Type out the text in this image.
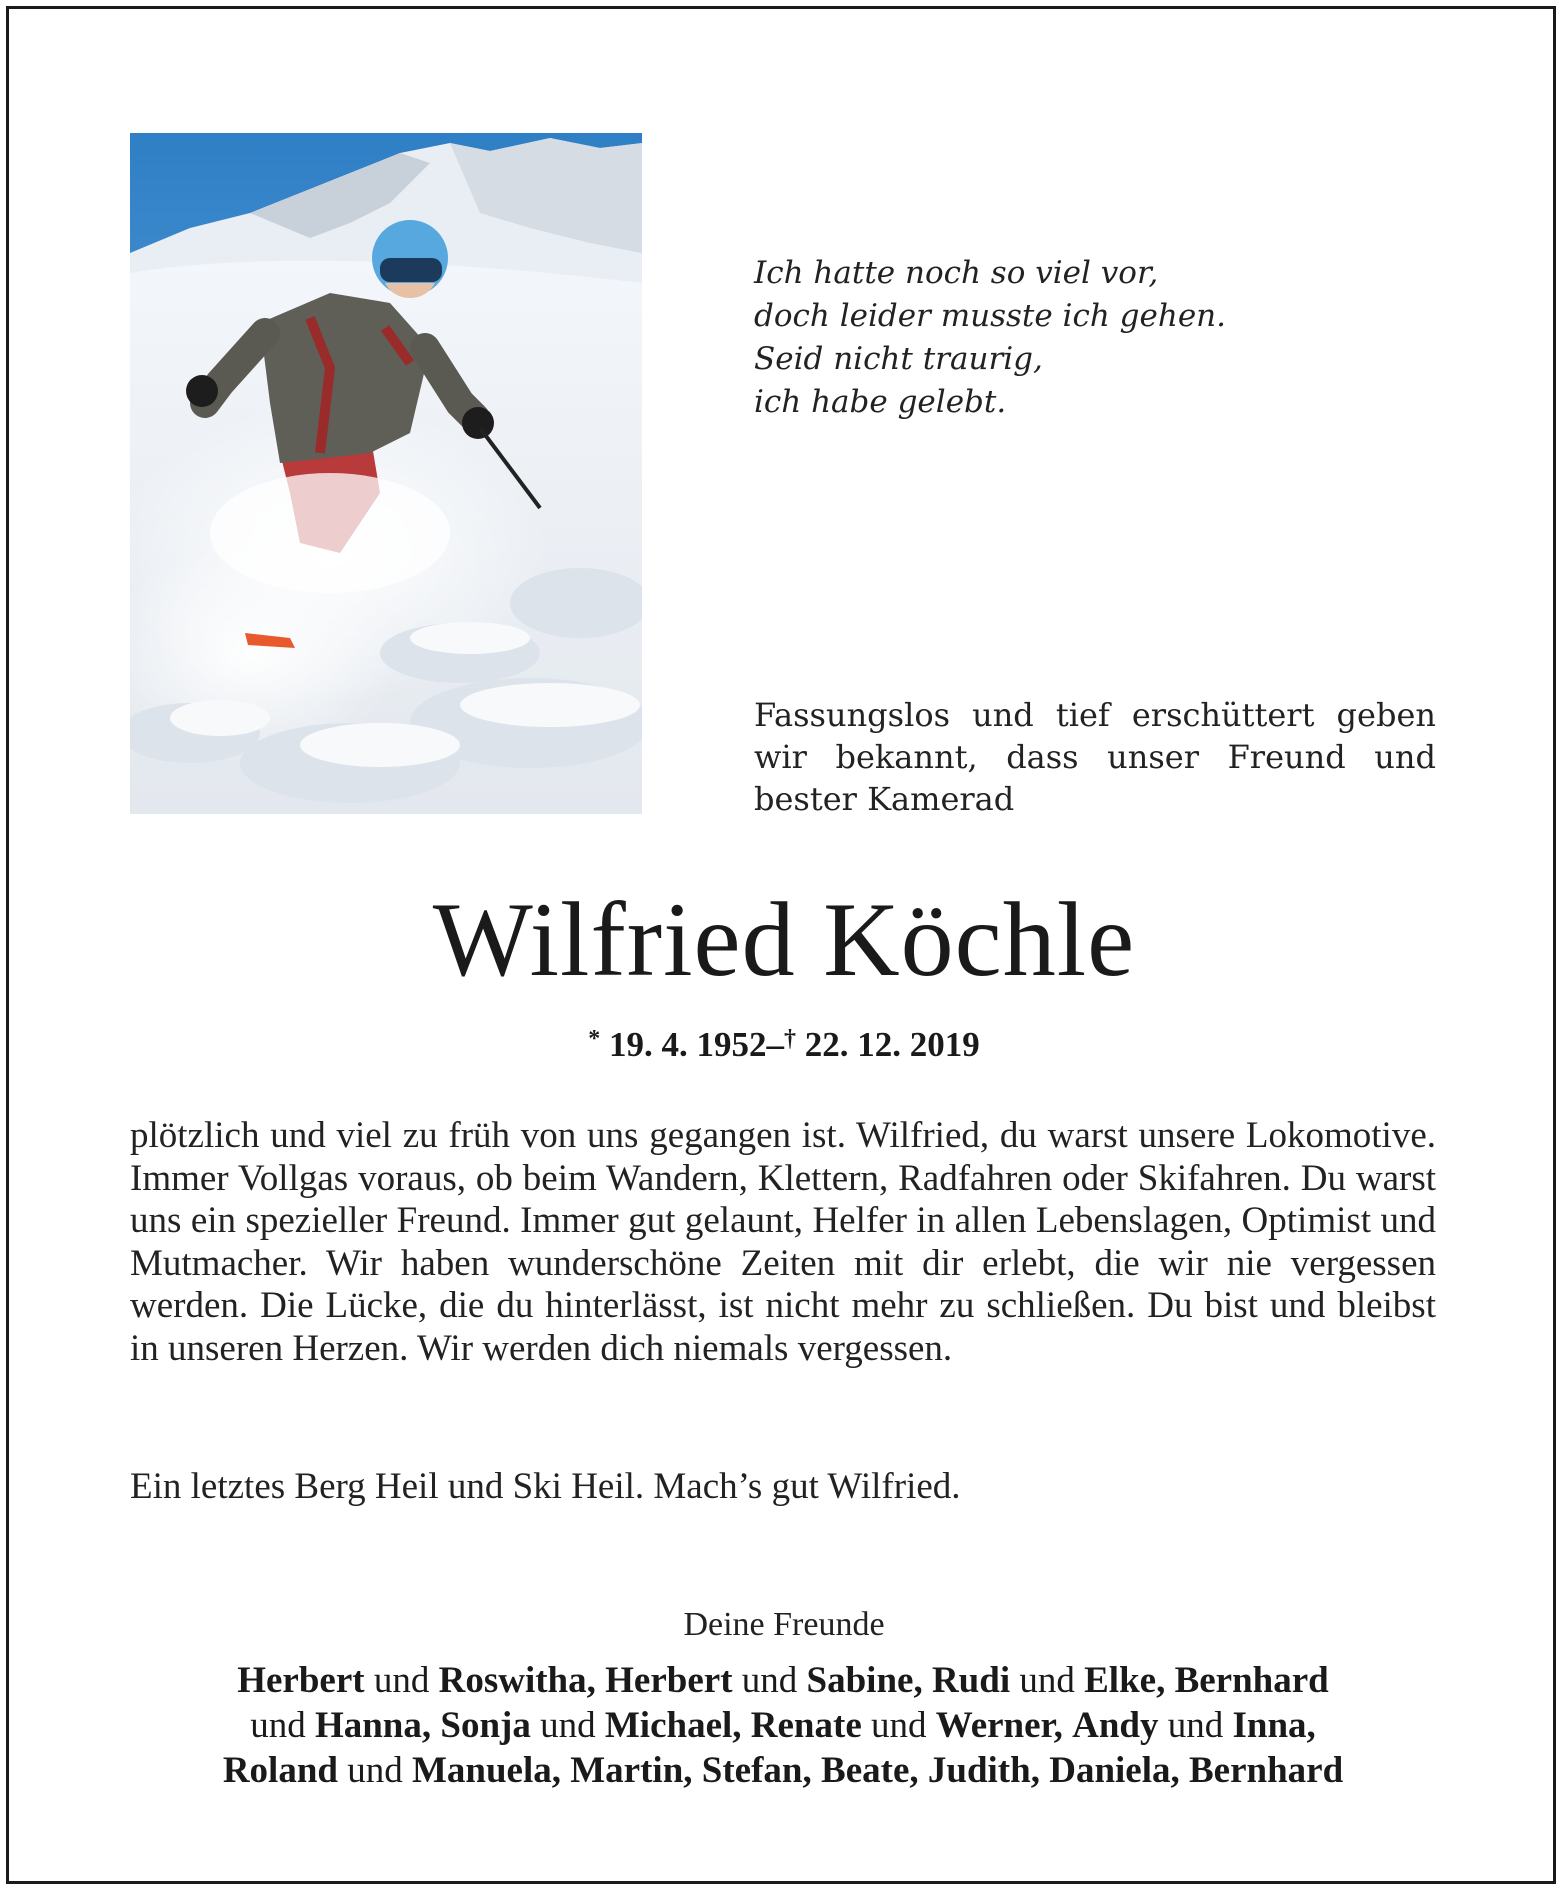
Ich hatte noch so viel vor,
doch leider musste ich gehen.
Seid nicht traurig,
ich habe gelebt.
Fassungslos und tief erschüttert geben wir bekannt, dass unser Freund und bester Kamerad
Wilfried Köchle
* 19. 4. 1952–† 22. 12. 2019

plötzlich und viel zu früh von uns gegangen ist. Wilfried, du warst unsere Lokomotive. Immer Vollgas voraus, ob beim Wandern, Klettern, Radfahren oder Skifahren. Du warst uns ein spezieller Freund. Immer gut gelaunt, Helfer in allen Lebenslagen, Optimist und Mutmacher. Wir haben wunderschöne Zeiten mit dir erlebt, die wir nie vergessen werden. Die Lücke, die du hinterlässt, ist nicht mehr zu schließen. Du bist und bleibst in unseren Herzen. Wir werden dich niemals vergessen.

Ein letztes Berg Heil und Ski Heil. Mach’s gut Wilfried.
Deine Freunde
Herbert und Roswitha, Herbert und Sabine, Rudi und Elke, Bernhard
und Hanna, Sonja und Michael, Renate und Werner, Andy und Inna,
Roland und Manuela, Martin, Stefan, Beate, Judith, Daniela, Bernhard
